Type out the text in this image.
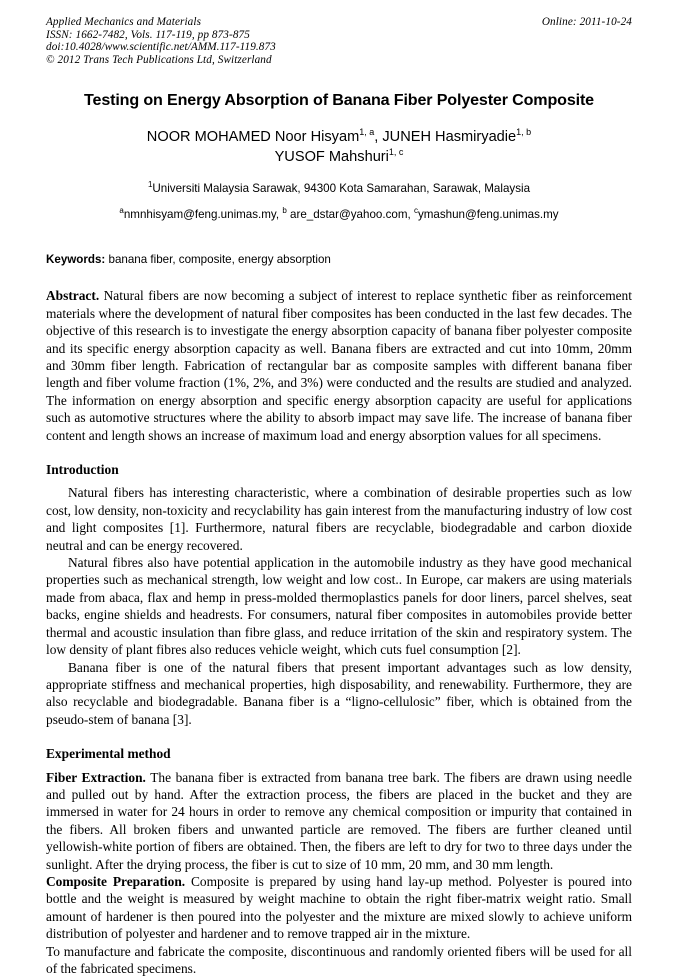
Online: 2011-10-24
Applied Mechanics and Materials
ISSN: 1662-7482, Vols. 117-119, pp 873-875
doi:10.4028/www.scientific.net/AMM.117-119.873
© 2012 Trans Tech Publications Ltd, Switzerland
Testing on Energy Absorption of Banana Fiber Polyester Composite
NOOR MOHAMED Noor Hisyam$^{1, a}$, JUNEH Hasmiryadie$^{1, b}$
YUSOF Mahshuri$^{1, c}$
$^1$Universiti Malaysia Sarawak, 94300 Kota Samarahan, Sarawak, Malaysia
$^a$nmnhisyam@feng.unimas.my, $^b$ are_dstar@yahoo.com, $^c$ymashun@feng.unimas.my
Keywords: banana fiber, composite, energy absorption
Abstract. Natural fibers are now becoming a subject of interest to replace synthetic fiber as reinforcement materials where the development of natural fiber composites has been conducted in the last few decades. The objective of this research is to investigate the energy absorption capacity of banana fiber polyester composite and its specific energy absorption capacity as well. Banana fibers are extracted and cut into 10mm, 20mm and 30mm fiber length. Fabrication of rectangular bar as composite samples with different banana fiber length and fiber volume fraction (1%, 2%, and 3%) were conducted and the results are studied and analyzed. The information on energy absorption and specific energy absorption capacity are useful for applications such as automotive structures where the ability to absorb impact may save life. The increase of banana fiber content and length shows an increase of maximum load and energy absorption values for all specimens.
Introduction
Natural fibers has interesting characteristic, where a combination of desirable properties such as low cost, low density, non-toxicity and recyclability has gain interest from the manufacturing industry of low cost and light composites [1]. Furthermore, natural fibers are recyclable, biodegradable and carbon dioxide neutral and can be energy recovered.
Natural fibres also have potential application in the automobile industry as they have good mechanical properties such as mechanical strength, low weight and low cost.. In Europe, car makers are using materials made from abaca, flax and hemp in press-molded thermoplastics panels for door liners, parcel shelves, seat backs, engine shields and headrests. For consumers, natural fiber composites in automobiles provide better thermal and acoustic insulation than fibre glass, and reduce irritation of the skin and respiratory system. The low density of plant fibres also reduces vehicle weight, which cuts fuel consumption [2].
Banana fiber is one of the natural fibers that present important advantages such as low density, appropriate stiffness and mechanical properties, high disposability, and renewability. Furthermore, they are also recyclable and biodegradable. Banana fiber is a “ligno-cellulosic” fiber, which is obtained from the pseudo-stem of banana [3].
Experimental method
Fiber Extraction. The banana fiber is extracted from banana tree bark. The fibers are drawn using needle and pulled out by hand. After the extraction process, the fibers are placed in the bucket and they are immersed in water for 24 hours in order to remove any chemical composition or impurity that contained in the fibers. All broken fibers and unwanted particle are removed. The fibers are further cleaned until yellowish-white portion of fibers are obtained. Then, the fibers are left to dry for two to three days under the sunlight. After the drying process, the fiber is cut to size of 10 mm, 20 mm, and 30 mm length.
Composite Preparation. Composite is prepared by using hand lay-up method. Polyester is poured into bottle and the weight is measured by weight machine to obtain the right fiber-matrix weight ratio. Small amount of hardener is then poured into the polyester and the mixture are mixed slowly to achieve uniform distribution of polyester and hardener and to remove trapped air in the mixture.
To manufacture and fabricate the composite, discontinuous and randomly oriented fibers will be used for all of the fabricated specimens.
